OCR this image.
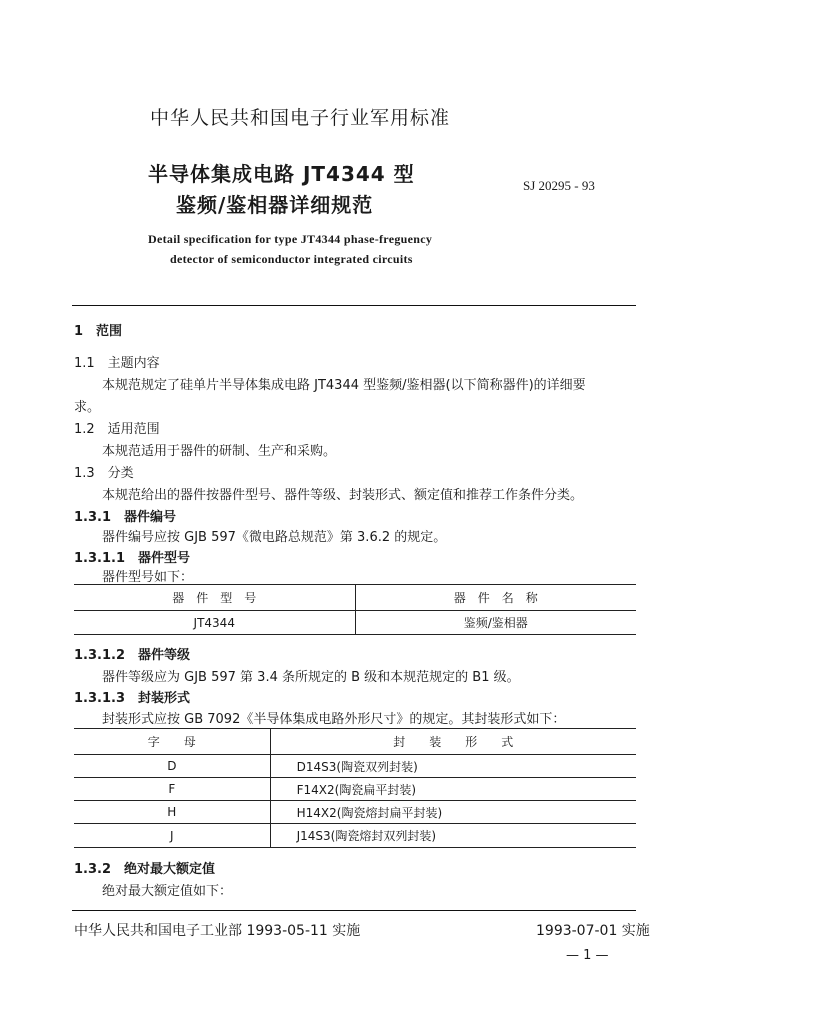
中华人民共和国电子行业军用标准
半导体集成电路 JT4344 型
鉴频/鉴相器详细规范
SJ 20295 - 93
Detail specification for type JT4344 phase-freguency
detector of semiconductor integrated circuits
1　范围
1.1　主题内容
本规范规定了硅单片半导体集成电路 JT4344 型鉴频/鉴相器(以下简称器件)的详细要
求。
1.2　适用范围
本规范适用于器件的研制、生产和采购。
1.3　分类
本规范给出的器件按器件型号、器件等级、封装形式、额定值和推荐工作条件分类。
1.3.1　器件编号
器件编号应按 GJB 597《微电路总规范》第 3.6.2 的规定。
1.3.1.1　器件型号
器件型号如下：
器　件　型　号	器　件　名　称
JT4344	鉴频/鉴相器
1.3.1.2　器件等级
器件等级应为 GJB 597 第 3.4 条所规定的 B 级和本规范规定的 B1 级。
1.3.1.3　封装形式
封装形式应按 GB 7092《半导体集成电路外形尺寸》的规定。其封装形式如下：
字　　母	封　　装　　形　　式
D	D14S3(陶瓷双列封装)
F	F14X2(陶瓷扁平封装)
H	H14X2(陶瓷熔封扁平封装)
J	J14S3(陶瓷熔封双列封装)
1.3.2　绝对最大额定值
绝对最大额定值如下：
中华人民共和国电子工业部 1993-05-11 实施	1993-07-01 实施
— 1 —
